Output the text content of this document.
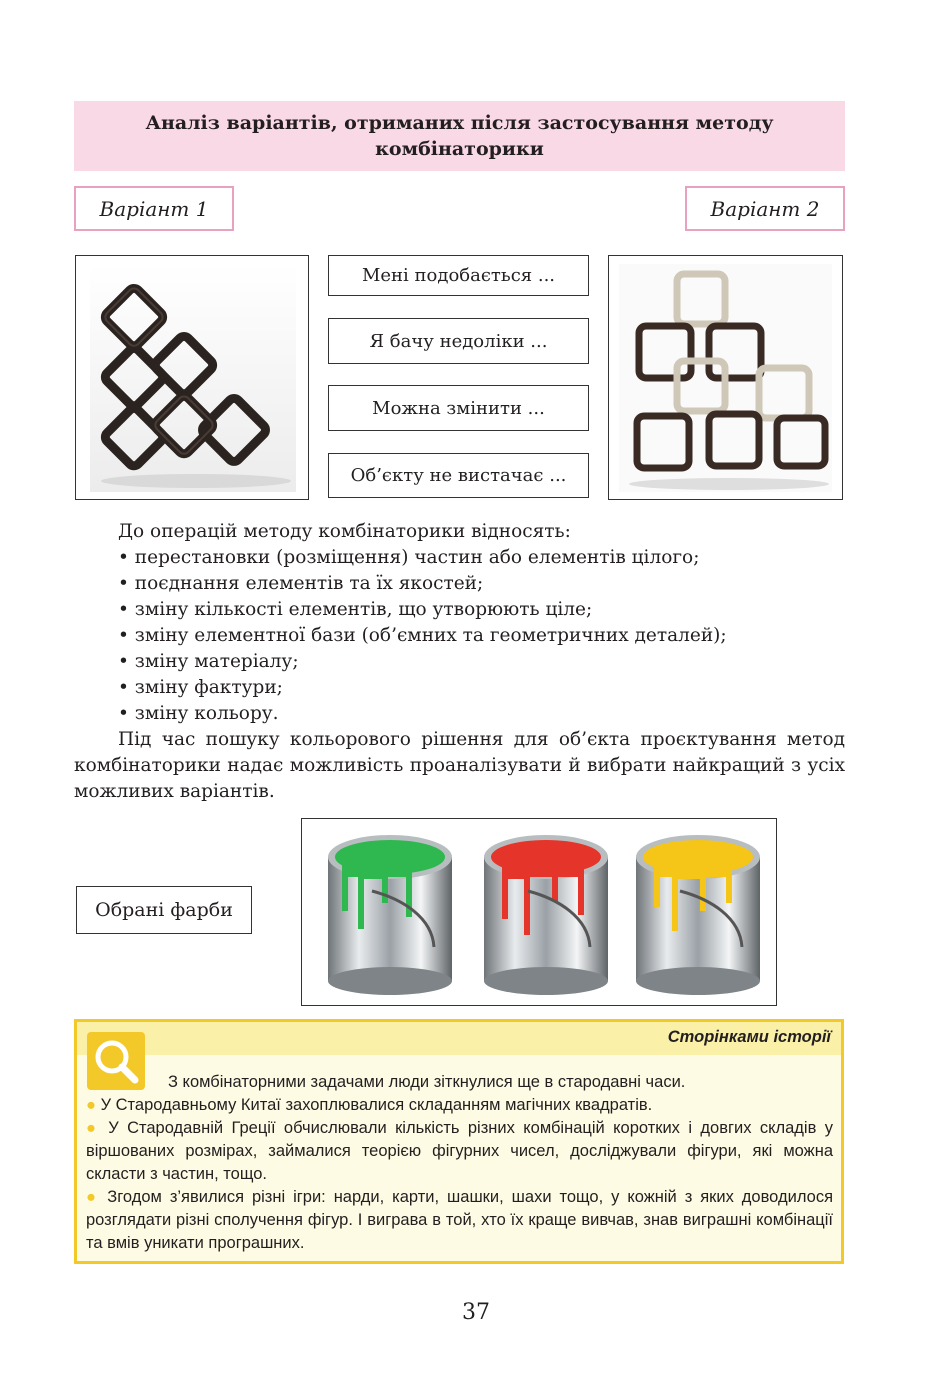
Аналіз варіантів, отриманих після застосування методу
комбінаторики
Варіант 1	Варіант 2
Мені подобається ...
Я бачу недоліки ...
Можна змінити ...
Об’єкту не вистачає ...

До операцій методу комбінаторики відносять:

• перестановки (розміщення) частин або елементів цілого;

• поєднання елементів та їх якостей;

• зміну кількості елементів, що утворюють ціле;

• зміну елементної бази (об’ємних та геометричних деталей);

• зміну матеріалу;

• зміну фактури;

• зміну кольору.

Під час пошуку кольорового рішення для об’єкта проєктування метод комбінаторики надає можливість проаналізувати й вибрати найкращий з усіх можливих варіантів.

Обрані фарби
Сторінками історії

З комбінаторними задачами люди зіткнулися ще в стародавні часи.

● У Стародавньому Китаї захоплювалися складанням магічних квадратів.

● У Стародавній Греції обчислювали кількість різних комбінацій коротких і довгих складів у віршованих розмірах, займалися теорією фігурних чисел, досліджували фігури, які можна скласти з частин, тощо.

● Згодом з’явилися різні ігри: нарди, карти, шашки, шахи тощо, у кожній з яких доводилося розглядати різні сполучення фігур. І виграва в той, хто їх краще вивчав, знав виграшні комбінації та вмів уникати програшних.

37
